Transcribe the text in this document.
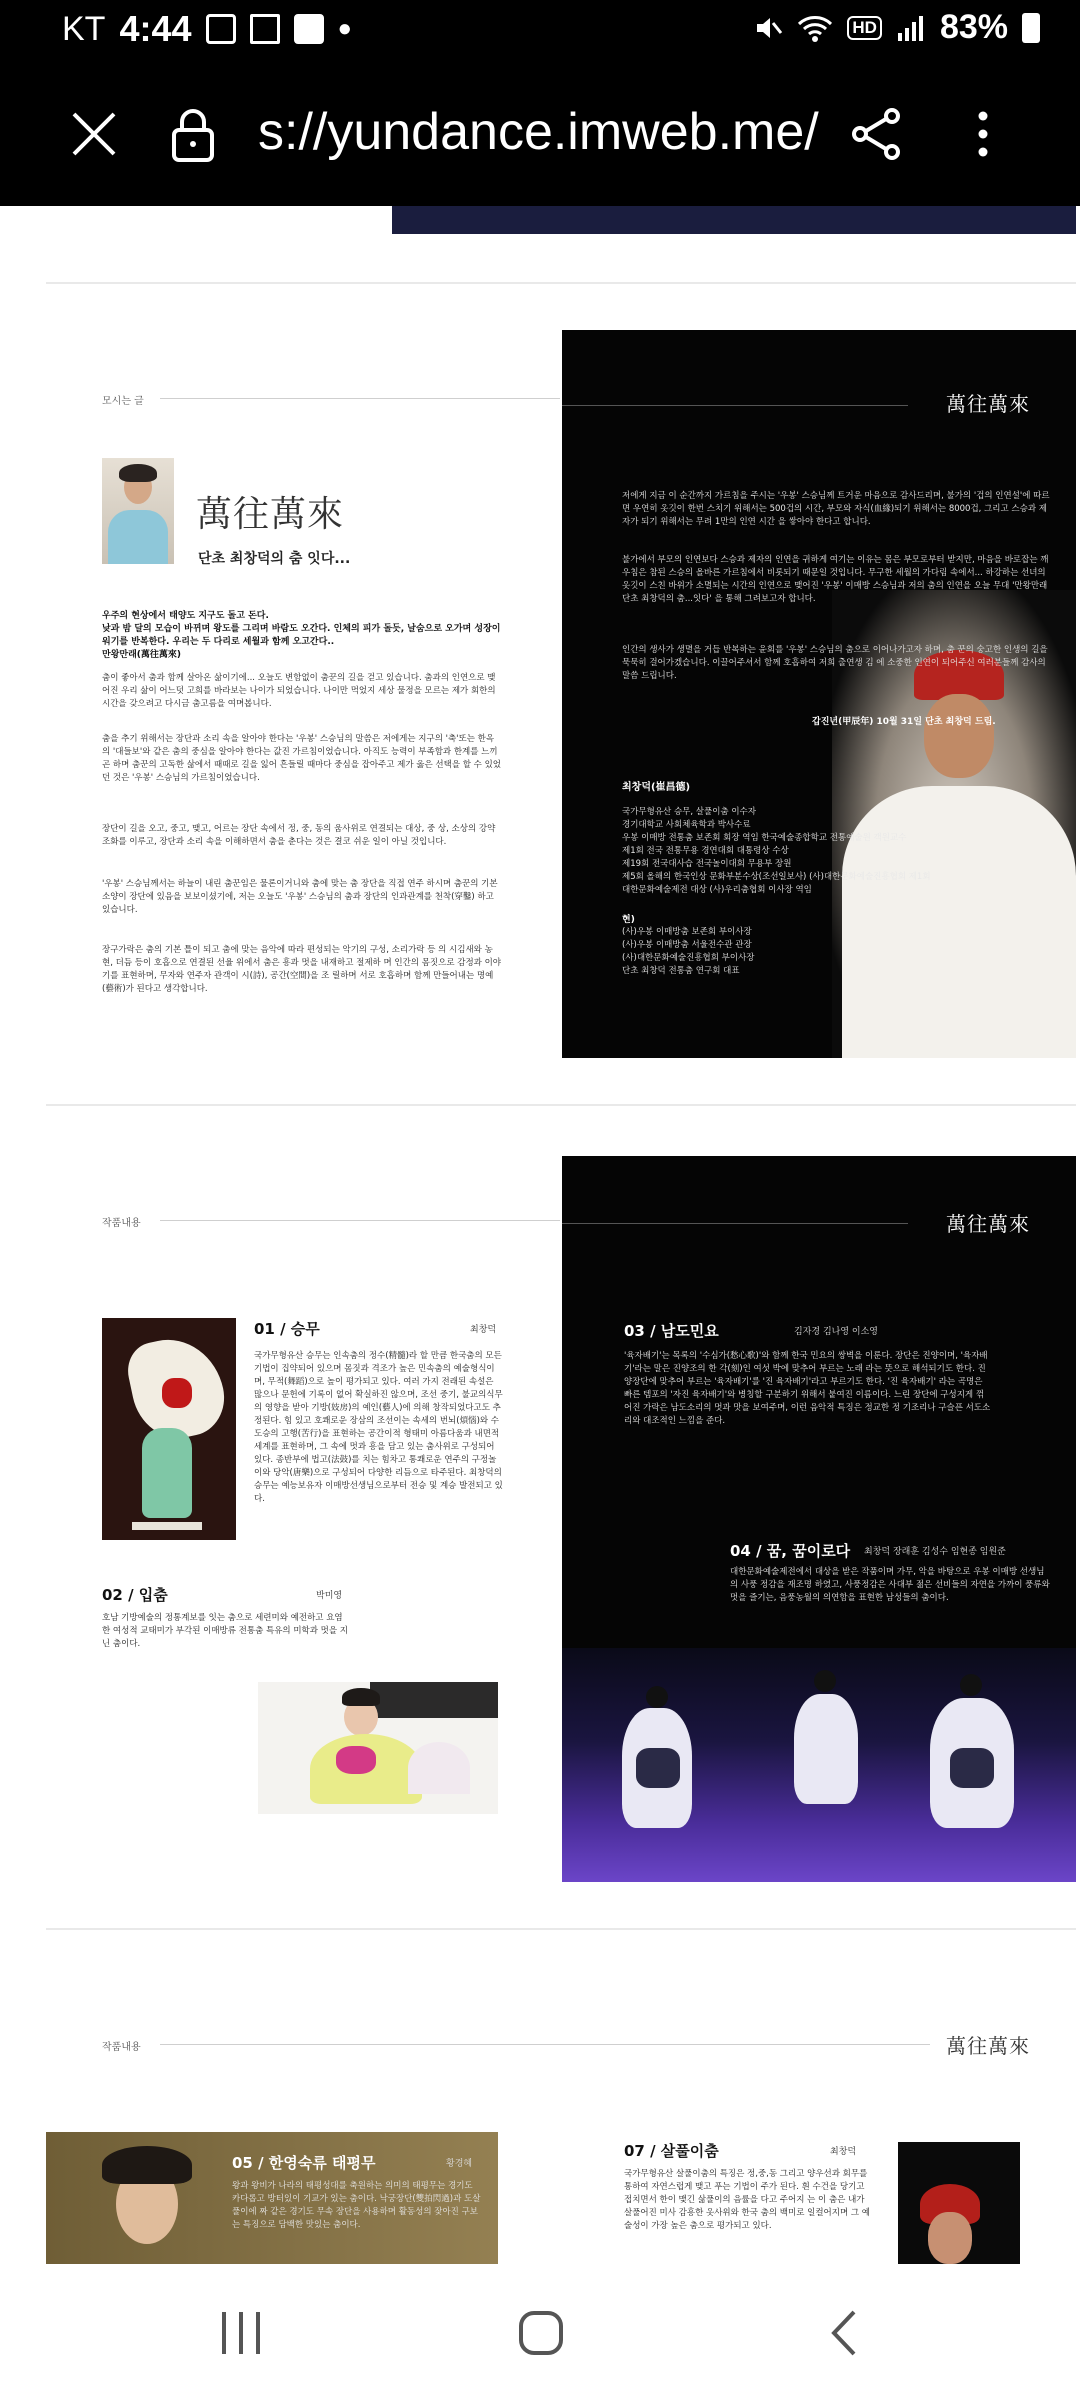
KT 4:44	●	HD 83%
s://yundance.imweb.me/
모시는 글
萬往萬來
단초 최창덕의 춤 잇다...
우주의 현상에서 태양도 지구도 돌고 돈다.
낮과 밤 달의 모습이 바뀌며 왕도를 그리며 바람도 오간다. 인체의 피가 돌듯, 날숨으로 오가며 성장이 워기를 반복한다. 우리는 두 다리로 세월과 함께 오고간다..
만왕만래(萬往萬來)
춤이 좋아서 춤과 함께 살아온 삶이기에... 오늘도 변함없이 춤꾼의 길을 걷고 있습니다. 춤과의 인연으로 맺어진 우리 삶이 어느덧 고희를 바라보는 나이가 되었습니다. 나이만 먹었지 세상 물정을 모르는 제가 회한의 시간을 갖으려고 다시금 춤고름을 여며봅니다.
춤을 추기 위해서는 장단과 소리 속을 알아야 한다는 '우봉' 스승님의 말씀은 저에게는 지구의 '축'또는 한옥의 '대들보'와 같은 춤의 중심을 알아야 한다는 값진 가르침이었습니다. 아직도 능력이 부족함과 한계를 느끼곤 하며 춤꾼의 고독한 삶에서 때때로 길을 잃어 흔들릴 때마다 중심을 잡아주고 제가 옳은 선택을 할 수 있었던 것은 '우봉' 스승님의 가르침이었습니다.
장단이 길을 오고, 중고, 맺고, 어르는 장단 속에서 정, 중, 동의 움사위로 연결되는 대상, 중 상, 소상의 강약 조화를 이루고, 장단과 소리 속을 이해하면서 춤을 춘다는 것은 결코 쉬운 일이 아닐 것입니다.
'우봉' 스승님께서는 하늘이 내린 춤꾼임은 물론이거니와 춤에 맞는 춤 장단을 직접 연주 하시며 춤꾼의 기본 소양이 장단에 있음을 보보이셨기에, 저는 오늘도 '우봉' 스승님의 춤과 장단의 인과관계를 천착(穿鑿) 하고 있습니다.
장구가락은 춤의 기본 틀이 되고 춤에 맞는 음악에 따라 편성되는 악기의 구성, 소리가락 등 의 시김새와 농현, 더듬 등이 호흡으로 연결된 선율 위에서 춤은 흥과 멋을 내재하고 절제하 며 인간의 몸짓으로 감정과 이야기를 표현하며, 무자와 연주자 관객이 시(詩), 공간(空間)을 조 릴하며 서로 호흡하며 함께 만들어내는 명예(藝術)가 된다고 생각합니다.
萬往萬來
저에게 지금 이 순간까지 가르침을 주시는 '우봉' 스승님께 트거운 마음으로 감사드리며, 불가의 '겁의 인연설'에 따르면 우연히 옷깃이 한번 스치기 위해서는 500겁의 시간, 부모와 자식(血緣)되기 위해서는 8000겁, 그리고 스승과 제자가 되기 위해서는 무려 1만의 인연 시간 을 쌓아야 한다고 합니다.
불가에서 부모의 인연보다 스승과 제자의 인연을 귀하게 여기는 이유는 몸은 부모로부터 받지만, 마음을 바로잡는 깨우침은 참된 스승의 올바른 가르침에서 비롯되기 때문일 것입니다. 무구한 세월의 가다림 속에서... 하강하는 선녀의 옷깃이 스친 바위가 소멸되는 시간의 인연으로 맺어진 '우봉' 이매방 스승님과 저의 춤의 인연을 오늘 무대 '만왕만래 단초 최창덕의 춤...잇다' 을 통해 그려보고자 합니다.
인간의 생사가 생멸을 거듭 반복하는 윤회를 '우봉' 스승님의 춤으로 이어나가고자 하며, 춤 꾼의 숭고한 인생의 길을 묵묵히 걸어가겠습니다. 이끌어주셔서 함께 호흡하여 저희 출연생 김 에 소중한 인연이 되어주신 여러분들께 감사의 말씀 드립니다.
갑진년(甲辰年) 10월 31일 단초 최창덕 드림.
최창덕(崔昌德)
국가무형유산 승무, 살풀이춤 이수자
경기대학교 사회체육학과 박사수료
우봉 이매방 전통춤 보존회 회장 역임 한국예술종합학교 전통예술원 객원교수
제1회 전국 전통무용 경연대회 대통령상 수상
제19회 전국대사습 전국놀이대회 무용부 장원
제5회 올해의 한국인상 문화부분수상(조선일보사) (사)대한문화예술진흥협회 제1회
대한문화예술제전 대상 (사)우리춤협회 이사장 역임
현)
(사)우봉 이매방춤 보존회 부이사장
(사)우봉 이매방춤 서울전수관 관장
(사)대한문화예술진흥협회 부이사장
단초 최창덕 전통춤 연구회 대표
작품내용
01 / 승무	최창덕
국가무형유산 승무는 인속춤의 정수(精髓)라 할 만큼 한국춤의 모든 기법이 집약되어 있으며 몸짓과 격조가 높은 민속춤의 예술형식이며, 무적(舞蹈)으로 높이 평가되고 있다. 여러 가지 전래된 속설은 많으나 문헌에 기록이 없어 확실하진 않으며, 조선 중기, 불교의식무의 영향을 받아 기방(妓房)의 예인(藝人)에 의해 창작되었다고도 추정된다. 힘 있고 호쾌로운 장삼의 조선이는 속세의 번뇌(煩惱)와 수도승의 고행(苦行)을 표현하는 공간이적 형태미 아름다움과 내면적 세계를 표현하며, 그 속에 멋과 흥을 담고 있는 춤사위로 구성되어 있다. 종반부에 법고(法鼓)를 치는 힘차고 통쾌로운 연주의 구정놀이와 당악(唐樂)으로 구성되어 다양한 리듬으로 타주된다. 최창덕의 승무는 예능보유자 이매방선생님으로부터 전승 및 계승 발전되고 있다.
02 / 입춤	박미영
호남 기방예술의 정통계보를 잇는 춤으로 세련미와 예전하고 요염한 여성적 교태미가 부각된 이매방류 전통춤 특유의 미학과 멋을 지닌 춤이다.
萬往萬來
03 / 남도민요	김자경 김나영 이소영
'육자배기'는 목록의 '수심가(愁心歌)'와 함께 한국 민요의 쌍벽을 이룬다. 장단은 진양이며, '육자배기'라는 말은 진양조의 한 각(刻)인 여섯 박에 맞추어 부르는 노래 라는 뜻으로 해석되기도 한다. 진양장단에 맞추어 부르는 '육자배기'를 '진 육자배기'라고 부르기도 한다. '진 육자배기' 라는 곡명은 빠른 템포의 '자진 육자배기'와 병칭할 구분하기 위해서 붙여진 이름이다. 느린 장단에 구성지게 꺾어진 가락은 남도소리의 멋과 맛을 보여주며, 이런 음악적 특징은 정교한 정 기조리나 구슬픈 서도소리와 대조적인 느낌을 준다.
04 / 꿈, 꿈이로다 최창덕 장래훈 김성수 임현종 임원준
대한문화예술제전에서 대상을 받은 작품이며 가무, 악을 바탕으로 우봉 이매방 선생님의 사풍 정감을 재조명 하였고, 사풍정감은 사대부 젊은 선비들의 자연을 가까이 풍류와 멋을 즐기는, 음풍농월의 의연함을 표현한 남성들의 춤이다.
작품내용	萬往萬來
05 / 한영숙류 태평무	황경혜
왕과 왕비가 나라의 태평성대를 축원하는 의미의 태평무는 경기도 카다롭고 방터있이 기교가 있는 춤이다. 낙궁장단(雙拍閃過)과 도살풀이에 짜 같은 경기도 무속 장단을 사용하며 활동성의 잦아진 구보 는 특징으로 담백한 맛있는 춤이다.
07 / 살풀이춤	최창덕
국가무형유산 살풀이춤의 특징은 정,중,동 그리고 양우선과 회무를 통하여 자연스럽게 맺고 푸는 기법이 주가 된다. 흰 수건을 당기고 접치면서 한이 맺긴 삶풀이의 음률을 다고 주어지 는 이 춤은 내가 살풀어진 미사 감흥한 옷사위와 한국 춤의 백미로 일컬어지며 그 예술성이 가장 높은 춤으로 평가되고 있다.
